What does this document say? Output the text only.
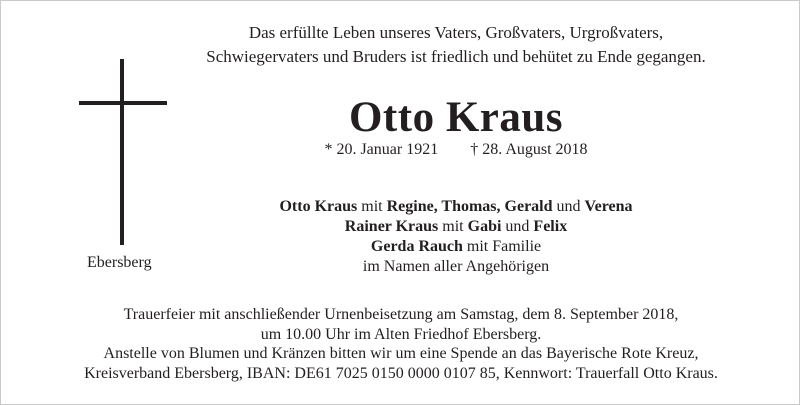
Das erfüllte Leben unseres Vaters, Großvaters, Urgroßvaters,
Schwiegervaters und Bruders ist friedlich und behütet zu Ende gegangen.
Ebersberg
Otto Kraus
* 20. Januar 1921 † 28. August 2018
Otto Kraus mit Regine, Thomas, Gerald und Verena
Rainer Kraus mit Gabi und Felix
Gerda Rauch mit Familie
im Namen aller Angehörigen
Trauerfeier mit anschließender Urnenbeisetzung am Samstag, dem 8. September 2018,
um 10.00 Uhr im Alten Friedhof Ebersberg.
Anstelle von Blumen und Kränzen bitten wir um eine Spende an das Bayerische Rote Kreuz,
Kreisverband Ebersberg, IBAN: DE61 7025 0150 0000 0107 85, Kennwort: Trauerfall Otto Kraus.
